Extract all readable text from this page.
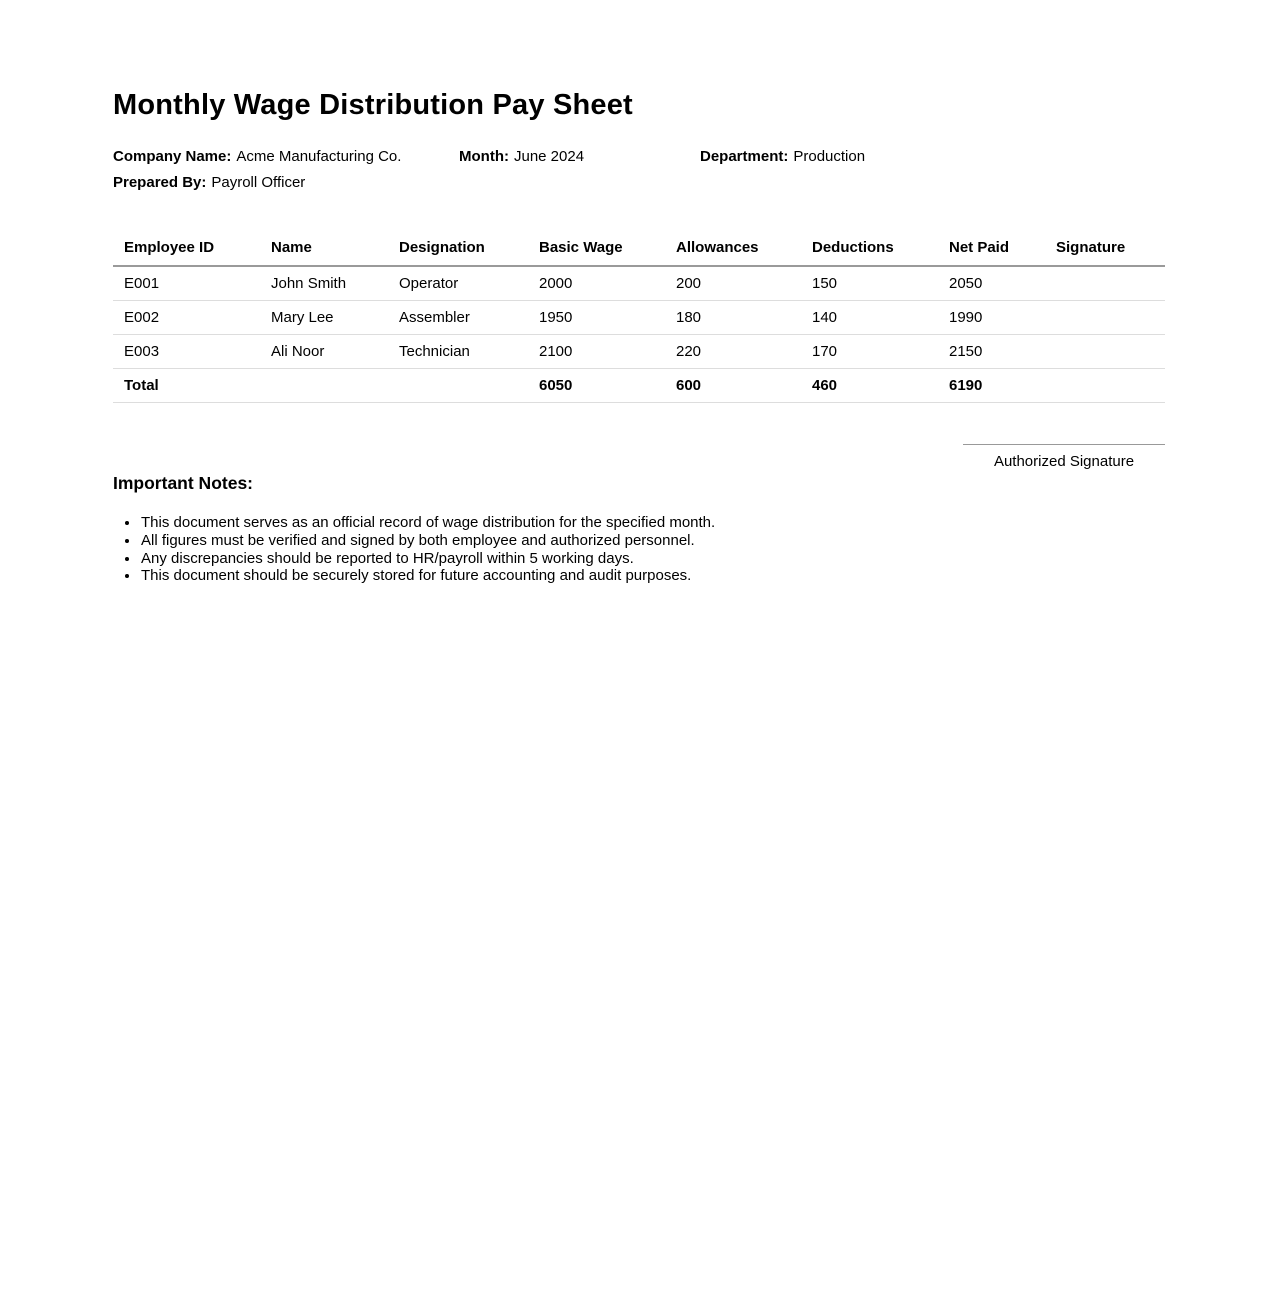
Monthly Wage Distribution Pay Sheet
Company Name: Acme Manufacturing Co.	Month: June 2024	Department: Production
Prepared By: Payroll Officer
Employee ID	Name	Designation	Basic Wage	Allowances	Deductions	Net Paid	Signature
E001	John Smith	Operator	2000	200	150	2050	
E002	Mary Lee	Assembler	1950	180	140	1990	
E003	Ali Noor	Technician	2100	220	170	2150	
Total			6050	600	460	6190	
Authorized Signature
Important Notes:
• This document serves as an official record of wage distribution for the specified month.
• All figures must be verified and signed by both employee and authorized personnel.
• Any discrepancies should be reported to HR/payroll within 5 working days.
• This document should be securely stored for future accounting and audit purposes.
